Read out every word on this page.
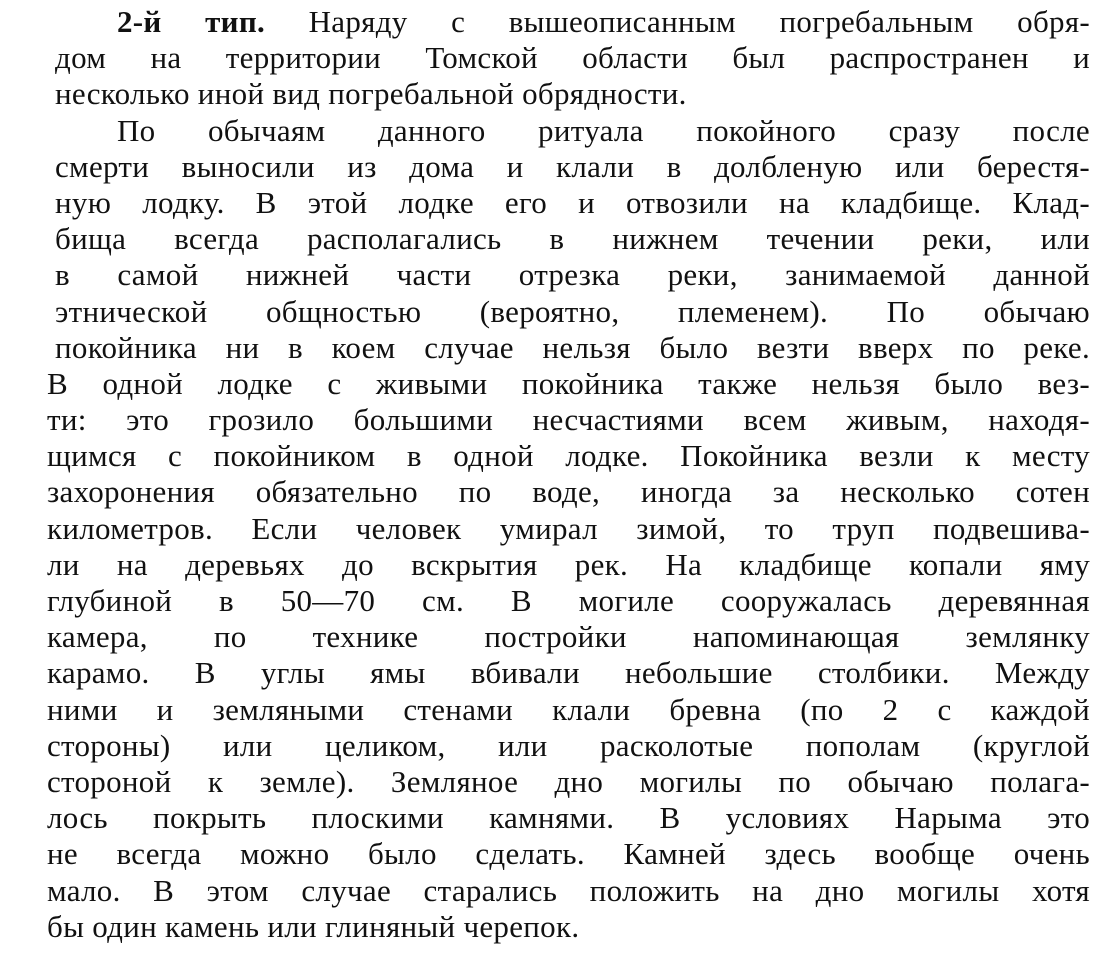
2-й тип. Наряду с вышеописанным погребальным обря-
дом на территории Томской области был распространен и
несколько иной вид погребальной обрядности.
По обычаям данного ритуала покойного сразу после
смерти выносили из дома и клали в долбленую или берестя-
ную лодку. В этой лодке его и отвозили на кладбище. Клад-
бища всегда располагались в нижнем течении реки, или
в самой нижней части отрезка реки, занимаемой данной
этнической общностью (вероятно, племенем). По обычаю
покойника ни в коем случае нельзя было везти вверх по реке.
В одной лодке с живыми покойника также нельзя было вез-
ти: это грозило большими несчастиями всем живым, находя-
щимся с покойником в одной лодке. Покойника везли к месту
захоронения обязательно по воде, иногда за несколько сотен
километров. Если человек умирал зимой, то труп подвешива-
ли на деревьях до вскрытия рек. На кладбище копали яму
глубиной в 50—70 см. В могиле сооружалась деревянная
камера, по технике постройки напоминающая землянку
карамо. В углы ямы вбивали небольшие столбики. Между
ними и земляными стенами клали бревна (по 2 с каждой
стороны) или целиком, или расколотые пополам (круглой
стороной к земле). Земляное дно могилы по обычаю полага-
лось покрыть плоскими камнями. В условиях Нарыма это
не всегда можно было сделать. Камней здесь вообще очень
мало. В этом случае старались положить на дно могилы хотя
бы один камень или глиняный черепок.
